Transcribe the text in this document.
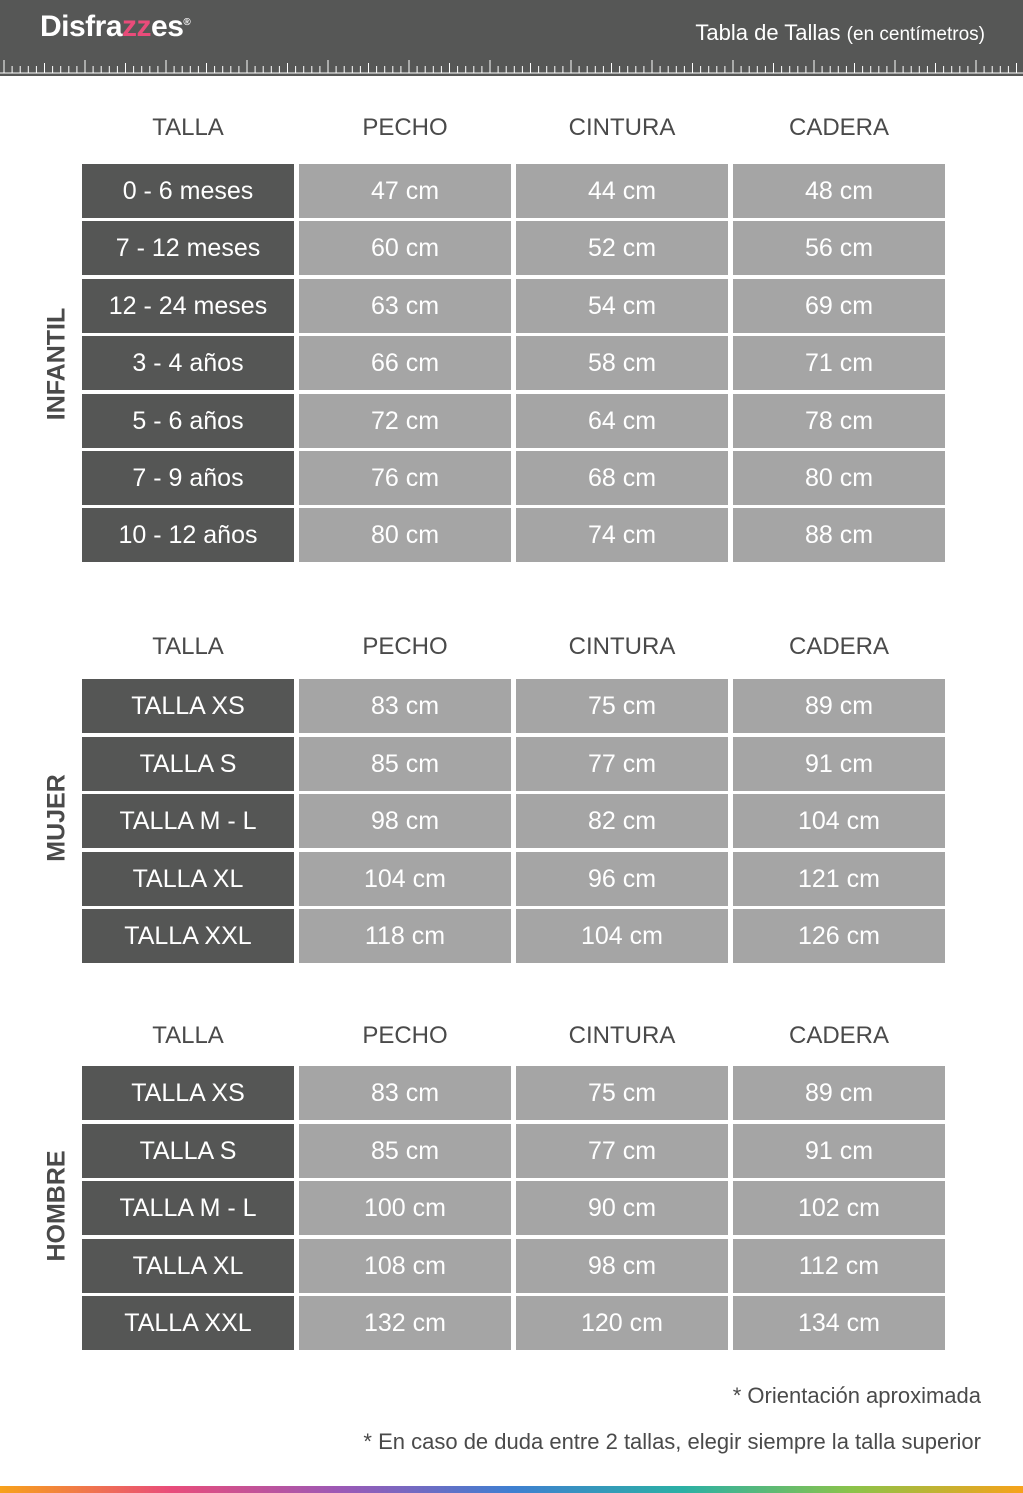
Disfrazzes®	Tabla de Tallas (en centímetros)
INFANTIL
TALLA	PECHO	CINTURA	CADERA
0 - 6 meses	47 cm	44 cm	48 cm
7 - 12 meses	60 cm	52 cm	56 cm
12 - 24 meses	63 cm	54 cm	69 cm
3 - 4 años	66 cm	58 cm	71 cm
5 - 6 años	72 cm	64 cm	78 cm
7 - 9 años	76 cm	68 cm	80 cm
10 - 12 años	80 cm	74 cm	88 cm
MUJER
TALLA	PECHO	CINTURA	CADERA
TALLA XS	83 cm	75 cm	89 cm
TALLA S	85 cm	77 cm	91 cm
TALLA M - L	98 cm	82 cm	104 cm
TALLA XL	104 cm	96 cm	121 cm
TALLA XXL	118 cm	104 cm	126 cm
HOMBRE
TALLA	PECHO	CINTURA	CADERA
TALLA XS	83 cm	75 cm	89 cm
TALLA S	85 cm	77 cm	91 cm
TALLA M - L	100 cm	90 cm	102 cm
TALLA XL	108 cm	98 cm	112 cm
TALLA XXL	132 cm	120 cm	134 cm
* Orientación aproximada
* En caso de duda entre 2 tallas, elegir siempre la talla superior
